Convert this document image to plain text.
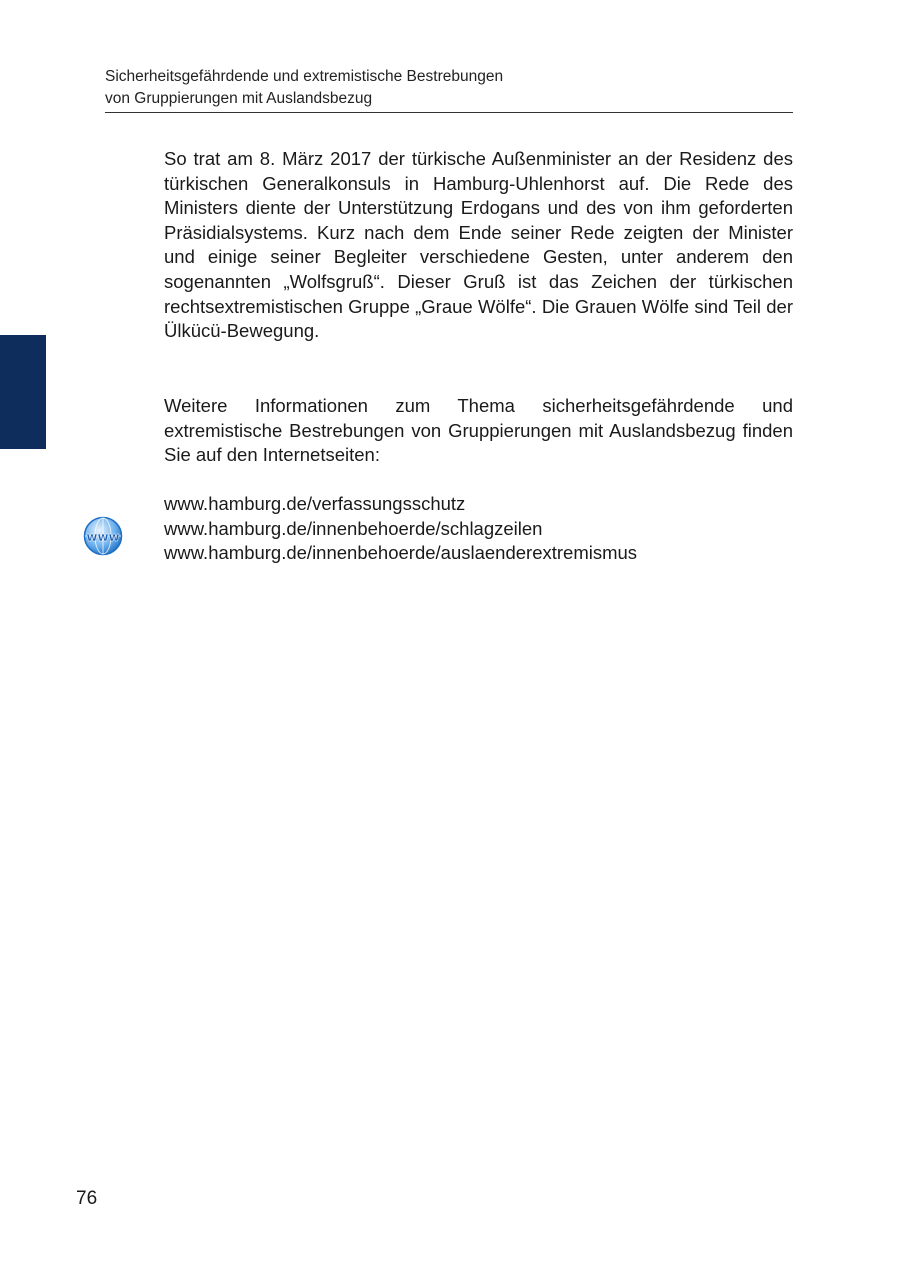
Sicherheitsgefährdende und extremistische Bestrebungen
von Gruppierungen mit Auslandsbezug

So trat am 8. März 2017 der türkische Außenminister an der Residenz des türkischen Generalkonsuls in Hamburg-Uhlenhorst auf. Die Rede des Ministers diente der Unterstützung Erdogans und des von ihm geforderten Präsidialsystems. Kurz nach dem Ende seiner Rede zeigten der Minister und einige seiner Begleiter verschiedene Gesten, unter anderem den sogenannten „Wolfsgruß“. Dieser Gruß ist das Zeichen der türkischen rechtsextremistischen Gruppe „Graue Wölfe“. Die Grauen Wölfe sind Teil der Ülkücü-Bewegung.

Weitere Informationen zum Thema sicherheitsgefährdende und extremistische Bestrebungen von Gruppierungen mit Auslandsbezug finden Sie auf den Internetseiten:

www
www.hamburg.de/verfassungsschutz
www.hamburg.de/innenbehoerde/schlagzeilen
www.hamburg.de/innenbehoerde/auslaenderextremismus
76
